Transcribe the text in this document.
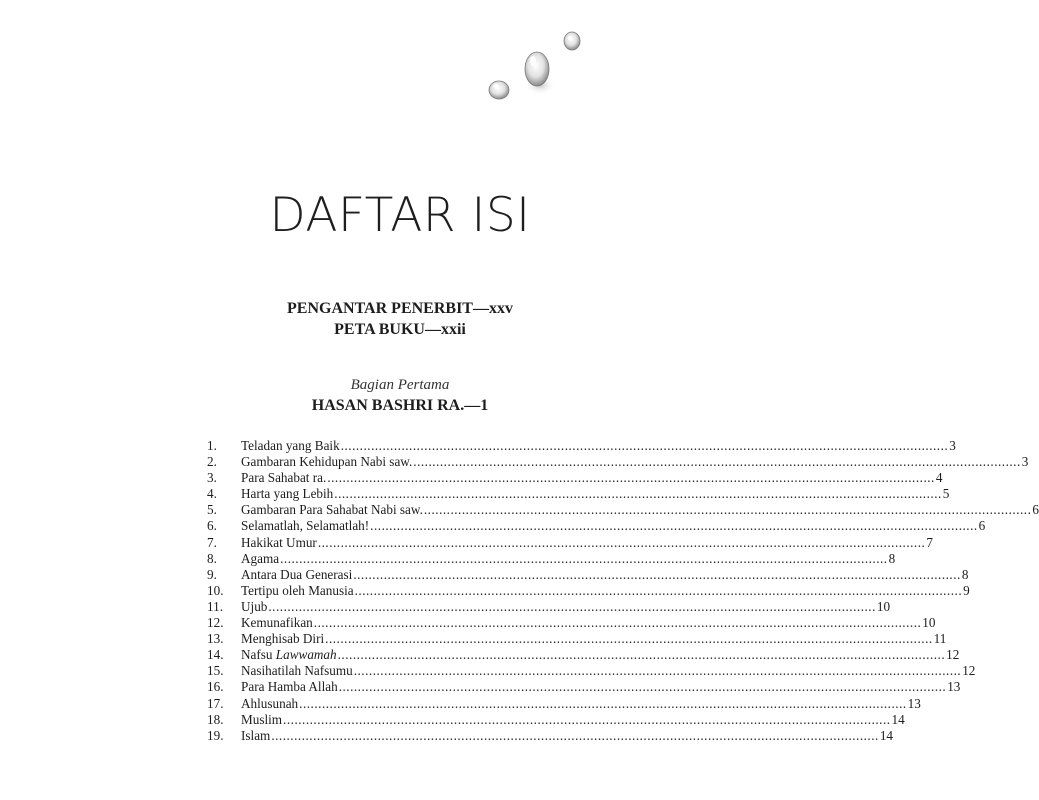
DAFTAR ISI
PENGANTAR PENERBIT—xxv
PETA BUKU—xxii
Bagian Pertama
HASAN BASHRI RA.—1
1.	Teladan yang Baik ................................................................................................................................................................ 3
2.	Gambaran Kehidupan Nabi saw. ................................................................................................................................................................ 3
3.	Para Sahabat ra. ................................................................................................................................................................ 4
4.	Harta yang Lebih ................................................................................................................................................................ 5
5.	Gambaran Para Sahabat Nabi saw. ................................................................................................................................................................ 6
6.	Selamatlah, Selamatlah! ................................................................................................................................................................ 6
7.	Hakikat Umur ................................................................................................................................................................ 7
8.	Agama ................................................................................................................................................................ 8
9.	Antara Dua Generasi ................................................................................................................................................................ 8
10.	Tertipu oleh Manusia ................................................................................................................................................................ 9
11.	Ujub ................................................................................................................................................................ 10
12.	Kemunafikan ................................................................................................................................................................ 10
13.	Menghisab Diri ................................................................................................................................................................ 11
14.	Nafsu Lawwamah ................................................................................................................................................................ 12
15.	Nasihatilah Nafsumu ................................................................................................................................................................ 12
16.	Para Hamba Allah ................................................................................................................................................................ 13
17.	Ahlusunah ................................................................................................................................................................ 13
18.	Muslim ................................................................................................................................................................ 14
19.	Islam ................................................................................................................................................................ 14
